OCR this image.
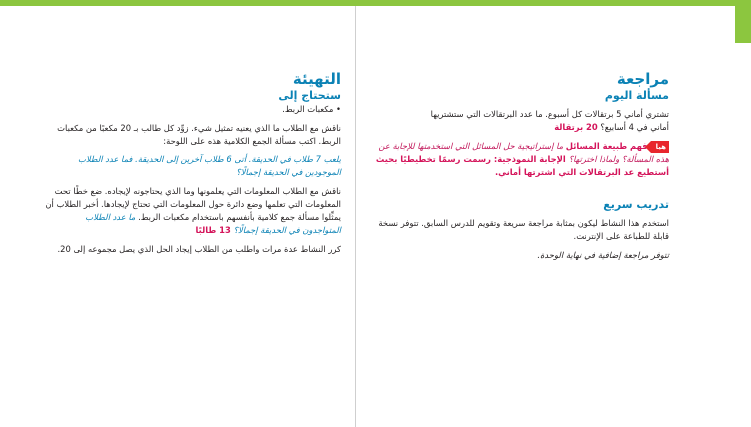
مراجعة
مسألة اليوم

تشتري أماني 5 برتقالات كل أسبوع. ما عدد البرتقالات التي ستشتريها
أماني في 4 أسابيع؟ 20 برتقالة

هيافهم طبيعة المسائل ما إستراتيجية حل المسائل التي استخدمتها للإجابة عن هذه المسألة؟ ولماذا اخترتها؟ الإجابة النموذجية: رسمت رسمًا تخطيطيًا بحيث أستطيع عد البرتقالات التي اشترتها أماني.

تدريب سريع

استخدم هذا النشاط ليكون بمثابة مراجعة سريعة وتقويم للدرس السابق. تتوفر نسخة قابلة للطباعة على الإنترنت.

تتوفر مراجعة إضافية في نهاية الوحدة.

التهيئة
ستحتاج إلى

• مكعبات الربط.

ناقش مع الطلاب ما الذي يعنيه تمثيل شيء. زوِّد كل طالب بـ 20 مكعبًا من مكعبات الربط. اكتب مسألة الجمع الكلامية هذه على اللوحة:

يلعب 7 طلاب في الحديقة. أتى 6 طلاب آخرين إلى الحديقة. فما عدد الطلاب الموجودين في الحديقة إجمالًا؟

ناقش مع الطلاب المعلومات التي يعلمونها وما الذي يحتاجونه لإيجاده. ضع خطًا تحت المعلومات التي تعلمها وضع دائرة حول المعلومات التي تحتاج لإيجادها. أخبر الطلاب أن يمثِّلوا مسألة جمع كلامية بأنفسهم باستخدام مكعبات الربط. ما عدد الطلاب المتواجدون في الحديقة إجمالًا؟ 13 طالبًا

كرر النشاط عدة مرات واطلب من الطلاب إيجاد الحل الذي يصل مجموعه إلى 20.
